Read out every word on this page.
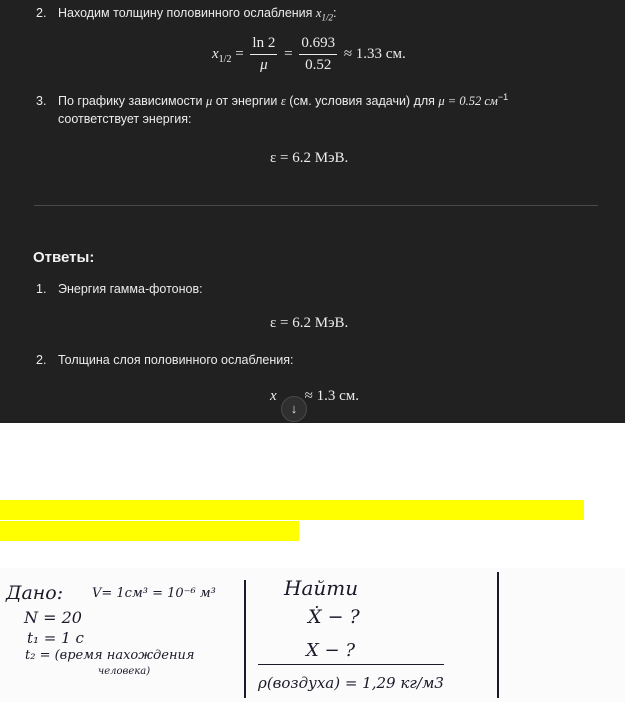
2. Находим толщину половинного ослабления $x_{1/2}$:
$x_{1/2} = \frac{\ln 2}{\mu} = \frac{0.693}{0.52} \approx 1.33$ см.
3. По графику зависимости μ от энергии ε (см. условия задачи) для μ = 0.52 $см^{-1}$
соответствует энергия:
ε = 6.2 МэВ.
Ответы:
1. Энергия гамма-фотонов:
ε = 6.2 МэВ.
2. Толщина слоя половинного ослабления:
x ≈ 1.3 см.
↓
Дано: V= 1см³ = 10⁻⁶ м³
N = 20
t₁ = 1 с
t₂ = (время нахождения
человека)
Найти
Ẋ − ?
X − ?
ρ(воздуха) = 1,29 кг/м3
